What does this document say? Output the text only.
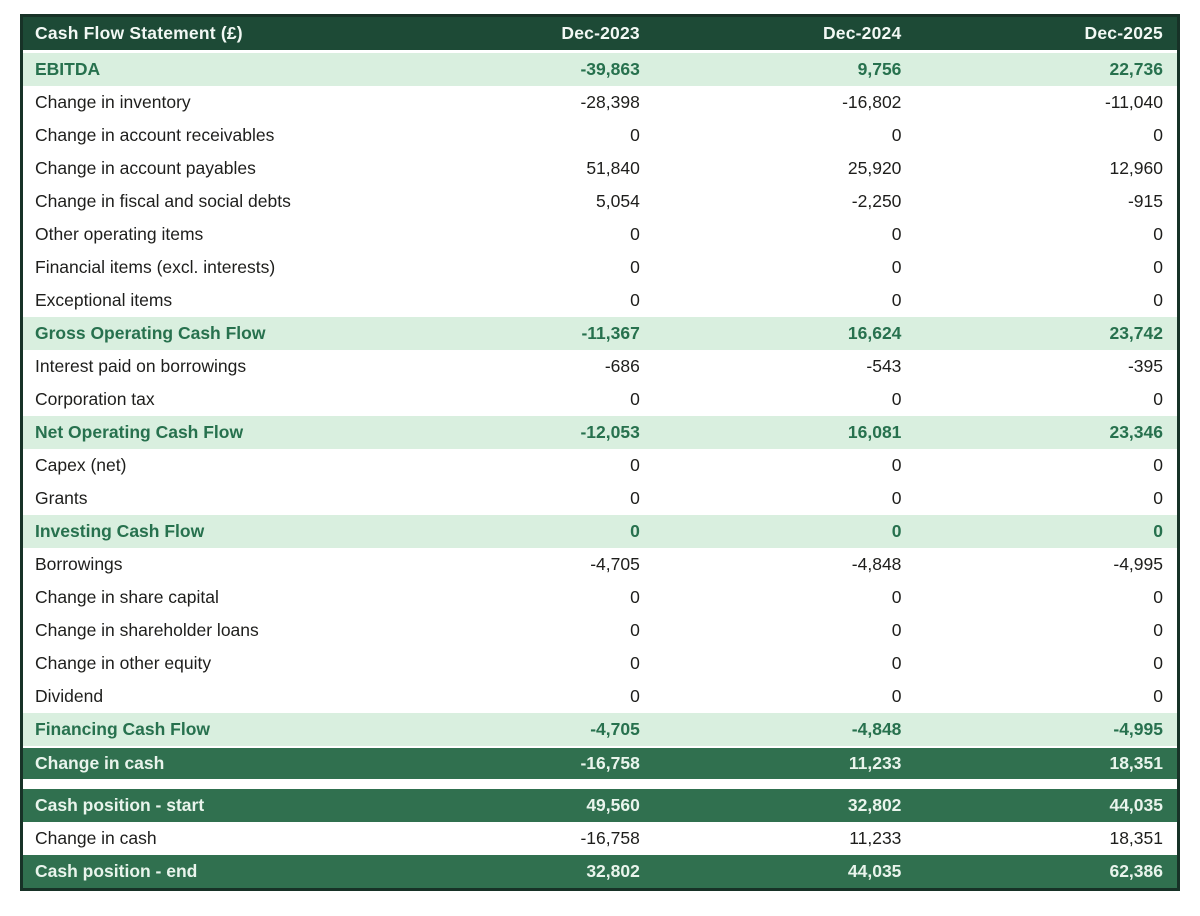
Cash Flow Statement (£)	Dec-2023	Dec-2024	Dec-2025
EBITDA	-39,863	9,756	22,736
Change in inventory	-28,398	-16,802	-11,040
Change in account receivables	0	0	0
Change in account payables	51,840	25,920	12,960
Change in fiscal and social debts	5,054	-2,250	-915
Other operating items	0	0	0
Financial items (excl. interests)	0	0	0
Exceptional items	0	0	0
Gross Operating Cash Flow	-11,367	16,624	23,742
Interest paid on borrowings	-686	-543	-395
Corporation tax	0	0	0
Net Operating Cash Flow	-12,053	16,081	23,346
Capex (net)	0	0	0
Grants	0	0	0
Investing Cash Flow	0	0	0
Borrowings	-4,705	-4,848	-4,995
Change in share capital	0	0	0
Change in shareholder loans	0	0	0
Change in other equity	0	0	0
Dividend	0	0	0
Financing Cash Flow	-4,705	-4,848	-4,995
Change in cash	-16,758	11,233	18,351
Cash position - start	49,560	32,802	44,035
Change in cash	-16,758	11,233	18,351
Cash position - end	32,802	44,035	62,386
